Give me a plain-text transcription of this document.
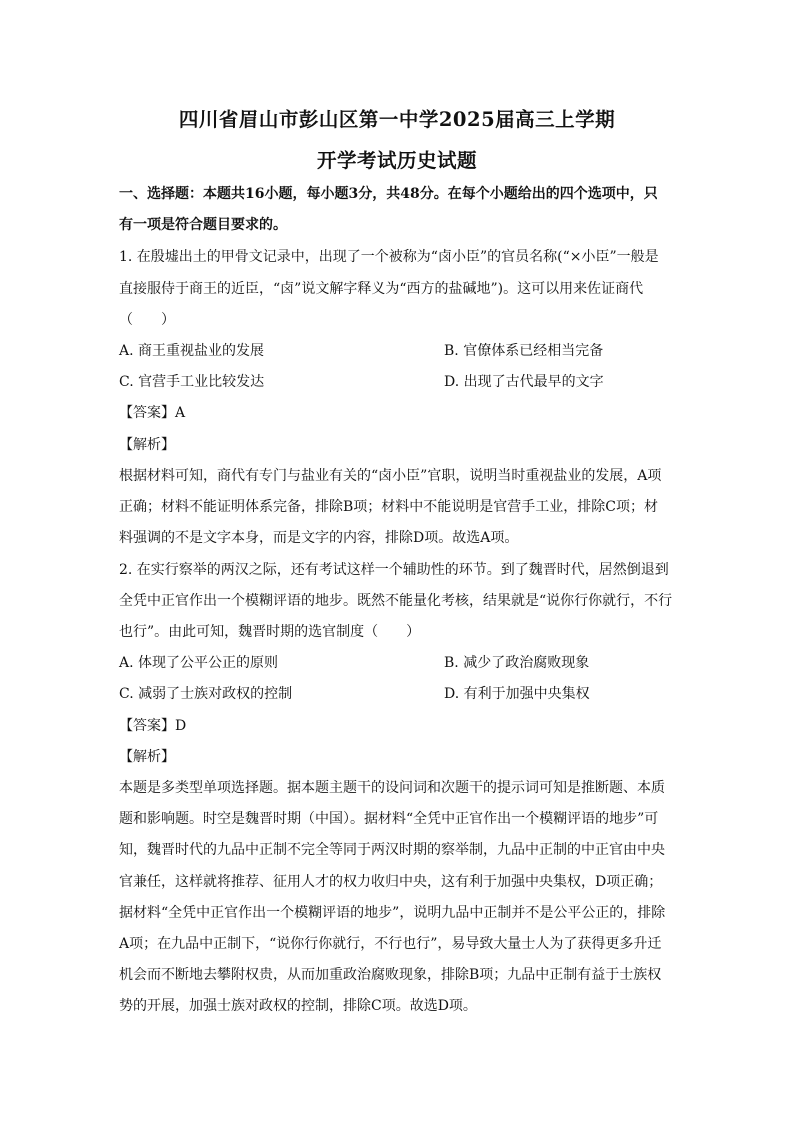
四川省眉山市彭山区第一中学2025届高三上学期
开学考试历史试题
一、选择题：本题共16小题，每小题3分，共48分。在每个小题给出的四个选项中，只
有一项是符合题目要求的。
1. 在殷墟出土的甲骨文记录中，出现了一个被称为“卤小臣”的官员名称(“×小臣”一般是
直接服侍于商王的近臣，“卤”说文解字释义为“西方的盐碱地”)。这可以用来佐证商代
（　　）
A. 商王重视盐业的发展	B. 官僚体系已经相当完备
C. 官营手工业比较发达	D. 出现了古代最早的文字
【答案】A
【解析】
根据材料可知，商代有专门与盐业有关的“卤小臣”官职，说明当时重视盐业的发展，A项
正确；材料不能证明体系完备，排除B项；材料中不能说明是官营手工业，排除C项；材
料强调的不是文字本身，而是文字的内容，排除D项。故选A项。
2. 在实行察举的两汉之际，还有考试这样一个辅助性的环节。到了魏晋时代，居然倒退到
全凭中正官作出一个模糊评语的地步。既然不能量化考核，结果就是“说你行你就行，不行
也行”。由此可知，魏晋时期的选官制度（　　）
A. 体现了公平公正的原则	B. 减少了政治腐败现象
C. 减弱了士族对政权的控制	D. 有利于加强中央集权
【答案】D
【解析】
本题是多类型单项选择题。据本题主题干的设问词和次题干的提示词可知是推断题、本质
题和影响题。时空是魏晋时期（中国）。据材料“全凭中正官作出一个模糊评语的地步”可
知，魏晋时代的九品中正制不完全等同于两汉时期的察举制，九品中正制的中正官由中央
官兼任，这样就将推荐、征用人才的权力收归中央，这有利于加强中央集权，D项正确；
据材料“全凭中正官作出一个模糊评语的地步”，说明九品中正制并不是公平公正的，排除
A项；在九品中正制下，“说你行你就行，不行也行”，易导致大量士人为了获得更多升迁
机会而不断地去攀附权贵，从而加重政治腐败现象，排除B项；九品中正制有益于士族权
势的开展，加强士族对政权的控制，排除C项。故选D项。
